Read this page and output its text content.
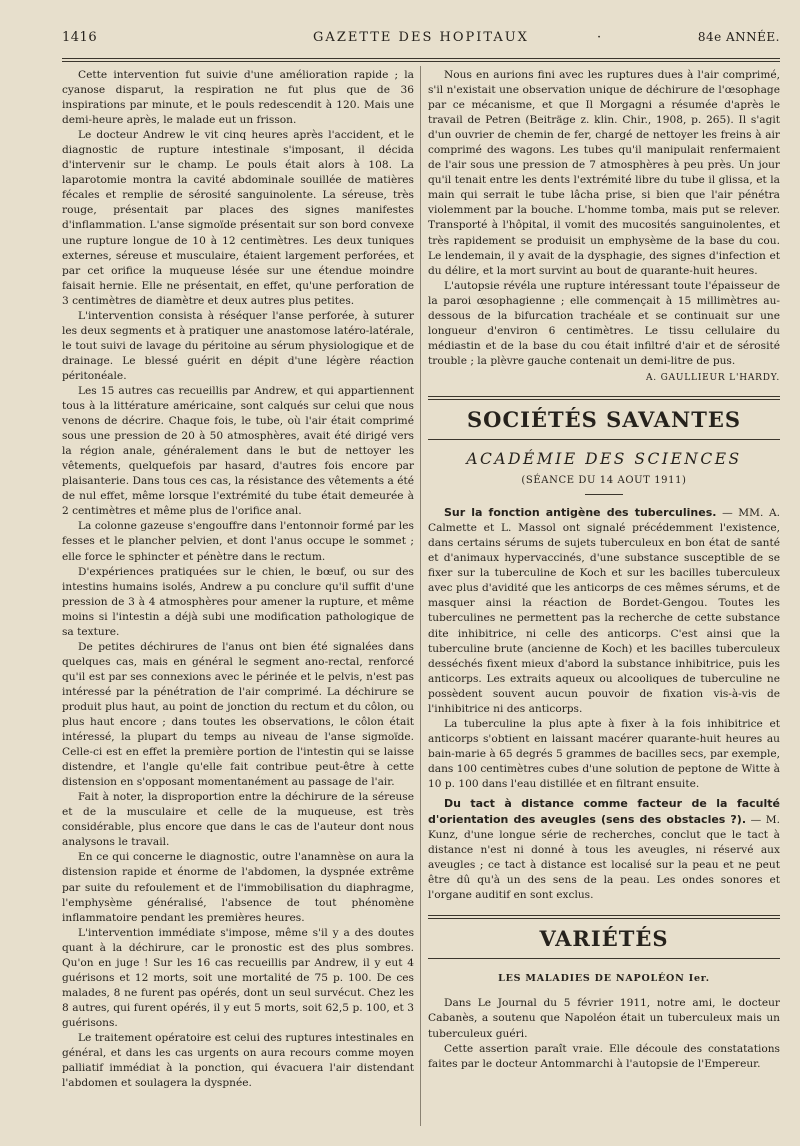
1416	GAZETTE DES HOPITAUX	·	84e ANNÉE.

Cette intervention fut suivie d'une amélioration rapide ; la cyanose disparut, la respiration ne fut plus que de 36 inspirations par minute, et le pouls redescendit à 120. Mais une demi-heure après, le malade eut un frisson.

Le docteur Andrew le vit cinq heures après l'accident, et le diagnostic de rupture intestinale s'imposant, il décida d'intervenir sur le champ. Le pouls était alors à 108. La laparotomie montra la cavité abdominale souillée de matières fécales et remplie de sérosité sanguinolente. La séreuse, très rouge, présentait par places des signes manifestes d'inflammation. L'anse sigmoïde présentait sur son bord convexe une rupture longue de 10 à 12 centimètres. Les deux tuniques externes, séreuse et musculaire, étaient largement perforées, et par cet orifice la muqueuse lésée sur une étendue moindre faisait hernie. Elle ne présentait, en effet, qu'une perforation de 3 centimètres de diamètre et deux autres plus petites.

L'intervention consista à réséquer l'anse perforée, à suturer les deux segments et à pratiquer une anastomose latéro-latérale, le tout suivi de lavage du péritoine au sérum physiologique et de drainage. Le blessé guérit en dépit d'une légère réaction péritonéale.

Les 15 autres cas recueillis par Andrew, et qui appartiennent tous à la littérature américaine, sont calqués sur celui que nous venons de décrire. Chaque fois, le tube, où l'air était comprimé sous une pression de 20 à 50 atmosphères, avait été dirigé vers la région anale, généralement dans le but de nettoyer les vêtements, quelquefois par hasard, d'autres fois encore par plaisanterie. Dans tous ces cas, la résistance des vêtements a été de nul effet, même lorsque l'extrémité du tube était demeurée à 2 centimètres et même plus de l'orifice anal.

La colonne gazeuse s'engouffre dans l'entonnoir formé par les fesses et le plancher pelvien, et dont l'anus occupe le sommet ; elle force le sphincter et pénètre dans le rectum.

D'expériences pratiquées sur le chien, le bœuf, ou sur des intestins humains isolés, Andrew a pu conclure qu'il suffit d'une pression de 3 à 4 atmosphères pour amener la rupture, et même moins si l'intestin a déjà subi une modification pathologique de sa texture.

De petites déchirures de l'anus ont bien été signalées dans quelques cas, mais en général le segment ano-rectal, renforcé qu'il est par ses connexions avec le périnée et le pelvis, n'est pas intéressé par la pénétration de l'air comprimé. La déchirure se produit plus haut, au point de jonction du rectum et du côlon, ou plus haut encore ; dans toutes les observations, le côlon était intéressé, la plupart du temps au niveau de l'anse sigmoïde. Celle-ci est en effet la première portion de l'intestin qui se laisse distendre, et l'angle qu'elle fait contribue peut-être à cette distension en s'opposant momentanément au passage de l'air.

Fait à noter, la disproportion entre la déchirure de la séreuse et de la musculaire et celle de la muqueuse, est très considérable, plus encore que dans le cas de l'auteur dont nous analysons le travail.

En ce qui concerne le diagnostic, outre l'anamnèse on aura la distension rapide et énorme de l'abdomen, la dyspnée extrême par suite du refoulement et de l'immobilisation du diaphragme, l'emphysème généralisé, l'absence de tout phénomène inflammatoire pendant les premières heures.

L'intervention immédiate s'impose, même s'il y a des doutes quant à la déchirure, car le pronostic est des plus sombres. Qu'on en juge ! Sur les 16 cas recueillis par Andrew, il y eut 4 guérisons et 12 morts, soit une mortalité de 75 p. 100. De ces malades, 8 ne furent pas opérés, dont un seul survécut. Chez les 8 autres, qui furent opérés, il y eut 5 morts, soit 62,5 p. 100, et 3 guérisons.

Le traitement opératoire est celui des ruptures intestinales en général, et dans les cas urgents on aura recours comme moyen palliatif immédiat à la ponction, qui évacuera l'air distendant l'abdomen et soulagera la dyspnée.

Nous en aurions fini avec les ruptures dues à l'air comprimé, s'il n'existait une observation unique de déchirure de l'œsophage par ce mécanisme, et que Il Morgagni a résumée d'après le travail de Petren (Beiträge z. klin. Chir., 1908, p. 265). Il s'agit d'un ouvrier de chemin de fer, chargé de nettoyer les freins à air comprimé des wagons. Les tubes qu'il manipulait renfermaient de l'air sous une pression de 7 atmosphères à peu près. Un jour qu'il tenait entre les dents l'extrémité libre du tube il glissa, et la main qui serrait le tube lâcha prise, si bien que l'air pénétra violemment par la bouche. L'homme tomba, mais put se relever. Transporté à l'hôpital, il vomit des mucosités sanguinolentes, et très rapidement se produisit un emphysème de la base du cou. Le lendemain, il y avait de la dysphagie, des signes d'infection et du délire, et la mort survint au bout de quarante-huit heures.

L'autopsie révéla une rupture intéressant toute l'épaisseur de la paroi œsophagienne ; elle commençait à 15 millimètres au-dessous de la bifurcation trachéale et se continuait sur une longueur d'environ 6 centimètres. Le tissu cellulaire du médiastin et de la base du cou était infiltré d'air et de sérosité trouble ; la plèvre gauche contenait un demi-litre de pus.

A. GAULLIEUR L'HARDY.
SOCIÉTÉS SAVANTES
ACADÉMIE DES SCIENCES
(SÉANCE DU 14 AOUT 1911)

Sur la fonction antigène des tuberculines. — MM. A. Calmette et L. Massol ont signalé précédemment l'existence, dans certains sérums de sujets tuberculeux en bon état de santé et d'animaux hypervaccinés, d'une substance susceptible de se fixer sur la tuberculine de Koch et sur les bacilles tuberculeux avec plus d'avidité que les anticorps de ces mêmes sérums, et de masquer ainsi la réaction de Bordet-Gengou. Toutes les tuberculines ne permettent pas la recherche de cette substance dite inhibitrice, ni celle des anticorps. C'est ainsi que la tuberculine brute (ancienne de Koch) et les bacilles tuberculeux desséchés fixent mieux d'abord la substance inhibitrice, puis les anticorps. Les extraits aqueux ou alcooliques de tuberculine ne possèdent souvent aucun pouvoir de fixation vis-à-vis de l'inhibitrice ni des anticorps.

La tuberculine la plus apte à fixer à la fois inhibitrice et anticorps s'obtient en laissant macérer quarante-huit heures au bain-marie à 65 degrés 5 grammes de bacilles secs, par exemple, dans 100 centimètres cubes d'une solution de peptone de Witte à 10 p. 100 dans l'eau distillée et en filtrant ensuite.

Du tact à distance comme facteur de la faculté d'orientation des aveugles (sens des obstacles ?). — M. Kunz, d'une longue série de recherches, conclut que le tact à distance n'est ni donné à tous les aveugles, ni réservé aux aveugles ; ce tact à distance est localisé sur la peau et ne peut être dû qu'à un des sens de la peau. Les ondes sonores et l'organe auditif en sont exclus.

VARIÉTÉS
LES MALADIES DE NAPOLÉON Ier.

Dans Le Journal du 5 février 1911, notre ami, le docteur Cabanès, a soutenu que Napoléon était un tuberculeux mais un tuberculeux guéri.

Cette assertion paraît vraie. Elle découle des constatations faites par le docteur Antommarchi à l'autopsie de l'Empereur.
